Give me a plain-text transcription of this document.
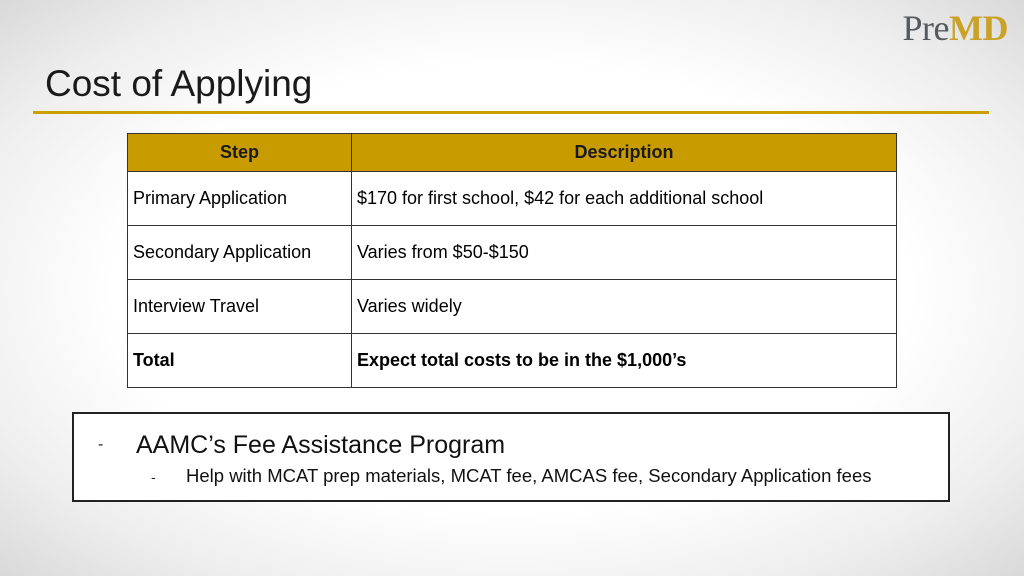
PreMD
Cost of Applying
Step	Description
Primary Application	$170 for first school, $42 for each additional school
Secondary Application	Varies from $50-$150
Interview Travel	Varies widely
Total	Expect total costs to be in the $1,000’s
- AAMC’s Fee Assistance Program
- Help with MCAT prep materials, MCAT fee, AMCAS fee, Secondary Application fees
